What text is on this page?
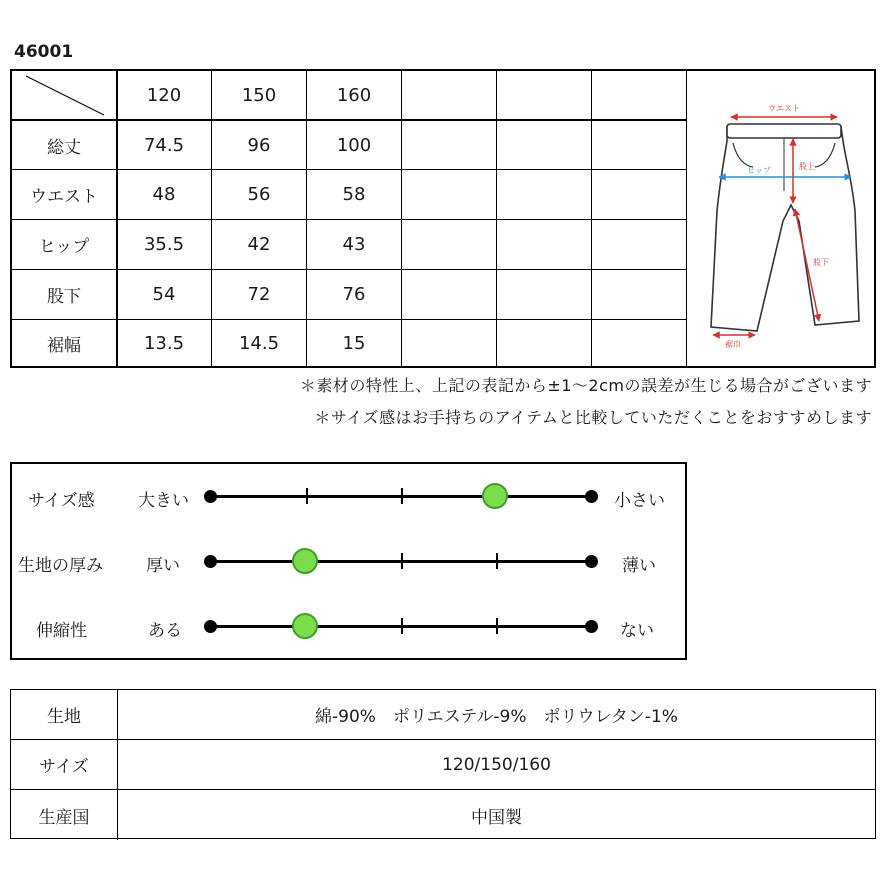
46001
120	150	160
総丈	74.5	96	100
ウエスト	48	56	58
ヒップ	35.5	42	43
股下	54	72	76
裾幅	13.5	14.5	15
ウエスト
ヒップ	股上
股下
裾巾
＊素材の特性上、上記の表記から±1〜2cmの誤差が生じる場合がございます
＊サイズ感はお手持ちのアイテムと比較していただくことをおすすめします
サイズ感	大きい	小さい
生地の厚み	厚い	薄い
伸縮性	ある	ない
生地	綿-90%　ポリエステル-9%　ポリウレタン-1%
サイズ	120/150/160
生産国	中国製
